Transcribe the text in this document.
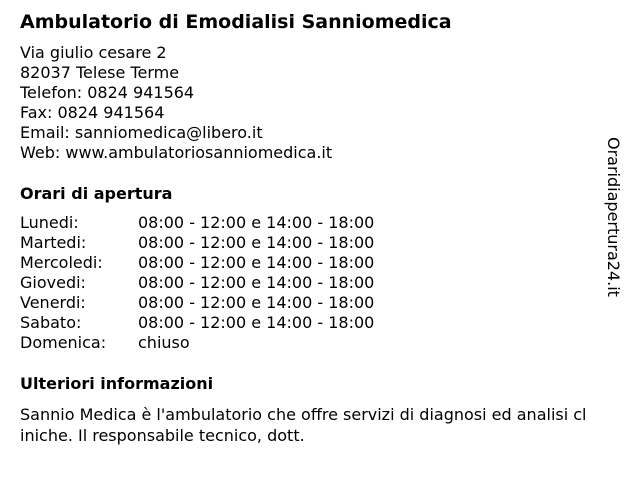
Ambulatorio di Emodialisi Sanniomedica
Via giulio cesare 2
82037 Telese Terme
Telefon: 0824 941564
Fax: 0824 941564
Email: sanniomedica@libero.it
Web: www.ambulatoriosanniomedica.it
Orari di apertura
Lunedi:	08:00 - 12:00 e 14:00 - 18:00
Martedi:	08:00 - 12:00 e 14:00 - 18:00
Mercoledi: 08:00 - 12:00 e 14:00 - 18:00
Giovedi:	08:00 - 12:00 e 14:00 - 18:00
Venerdi:	08:00 - 12:00 e 14:00 - 18:00
Sabato:	08:00 - 12:00 e 14:00 - 18:00
Domenica: chiuso
Ulteriori informazioni
Sannio Medica è l'ambulatorio che offre servizi di diagnosi ed analisi cliniche. Il responsabile tecnico, dott.
Oraridiapertura24.it
